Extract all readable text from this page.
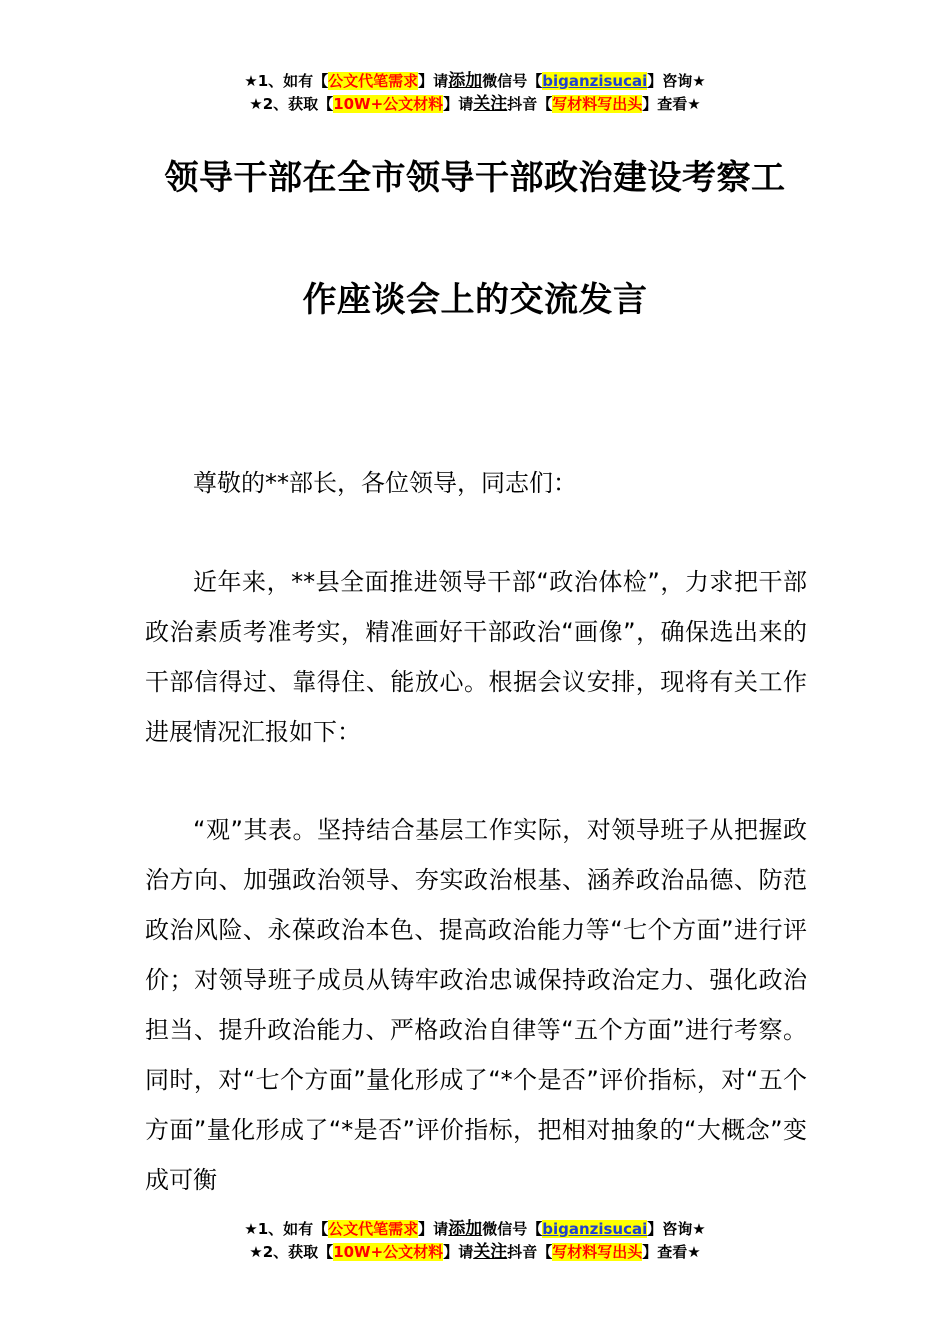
★1、如有【公文代笔需求】请添加微信号【biganzisucai】咨询★
★2、获取【10W+公文材料】请关注抖音【写材料写出头】查看★
领导干部在全市领导干部政治建设考察工
作座谈会上的交流发言

尊敬的**部长，各位领导，同志们：

近年来，**县全面推进领导干部“政治体检”，力求把干部政治素质考准考实，精准画好干部政治“画像”，确保选出来的干部信得过、靠得住、能放心。根据会议安排，现将有关工作进展情况汇报如下：

“观”其表。坚持结合基层工作实际，对领导班子从把握政治方向、加强政治领导、夯实政治根基、涵养政治品德、防范政治风险、永葆政治本色、提高政治能力等“七个方面”进行评价；对领导班子成员从铸牢政治忠诚保持政治定力、强化政治担当、提升政治能力、严格政治自律等“五个方面”进行考察。同时，对“七个方面”量化形成了“*个是否”评价指标，对“五个方面”量化形成了“*是否”评价指标，把相对抽象的“大概念”变成可衡

★1、如有【公文代笔需求】请添加微信号【biganzisucai】咨询★
★2、获取【10W+公文材料】请关注抖音【写材料写出头】查看★
